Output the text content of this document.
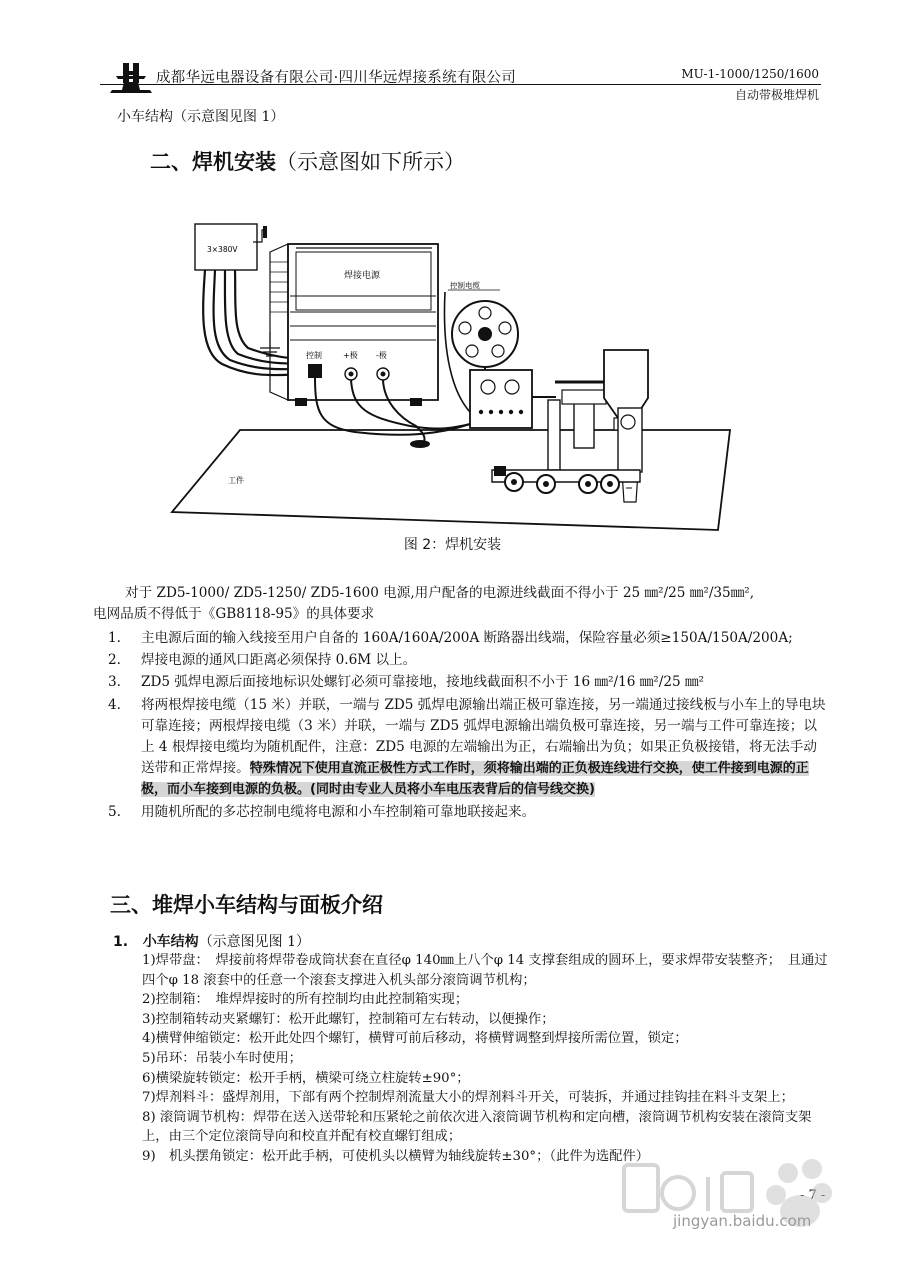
成都华远电器设备有限公司·四川华远焊接系统有限公司	MU-1-1000/1250/1600
自动带极堆焊机
小车结构（示意图见图 1）
二、焊机安装（示意图如下所示）
工件
3×380V
焊接电源
控制	+极 -极
控制电缆
图 2：焊机安装
对于 ZD5-1000/ ZD5-1250/ ZD5-1600 电源,用户配备的电源进线截面不得小于 25 ㎜²/25 ㎜²/35㎜²,
电网品质不得低于《GB8118-95》的具体要求
1. 主电源后面的输入线接至用户自备的 160A/160A/200A 断路器出线端，保险容量必须≥150A/150A/200A;
2. 焊接电源的通风口距离必须保持 0.6M 以上。
3. ZD5 弧焊电源后面接地标识处螺钉必须可靠接地，接地线截面积不小于 16 ㎜²/16 ㎜²/25 ㎜²
4. 将两根焊接电缆（15 米）并联，一端与 ZD5 弧焊电源输出端正极可靠连接，另一端通过接线板与小车上的导电块可靠连接；两根焊接电缆（3 米）并联，一端与 ZD5 弧焊电源输出端负极可靠连接，另一端与工件可靠连接；以上 4 根焊接电缆均为随机配件，注意：ZD5 电源的左端输出为正，右端输出为负；如果正负极接错，将无法手动送带和正常焊接。特殊情况下使用直流正极性方式工作时，须将输出端的正负极连线进行交换，使工件接到电源的正极，而小车接到电源的负极。(同时由专业人员将小车电压表背后的信号线交换)
5. 用随机所配的多芯控制电缆将电源和小车控制箱可靠地联接起来。
三、堆焊小车结构与面板介绍
1. 小车结构（示意图见图 1）
1)焊带盘：　焊接前将焊带卷成筒状套在直径φ 140㎜上八个φ 14 支撑套组成的圆环上，要求焊带安装整齐；　且通过四个φ 18 滚套中的任意一个滚套支撑进入机头部分滚筒调节机构；
2)控制箱：　堆焊焊接时的所有控制均由此控制箱实现；
3)控制箱转动夹紧螺钉：松开此螺钉，控制箱可左右转动，以便操作；
4)横臂伸缩锁定：松开此处四个螺钉，横臂可前后移动，将横臂调整到焊接所需位置，锁定；
5)吊环：吊装小车时使用；
6)横梁旋转锁定：松开手柄，横梁可绕立柱旋转±90°；
7)焊剂料斗：盛焊剂用，下部有两个控制焊剂流量大小的焊剂料斗开关，可装拆，并通过挂钩挂在料斗支架上；
8) 滚筒调节机构：焊带在送入送带轮和压紧轮之前依次进入滚筒调节机构和定向槽，滚筒调节机构安装在滚筒支架上，由三个定位滚筒导向和校直并配有校直螺钉组成；
9)　机头摆角锁定：松开此手柄，可使机头以横臂为轴线旋转±30°；（此件为选配件）
jingyan.baidu.com
